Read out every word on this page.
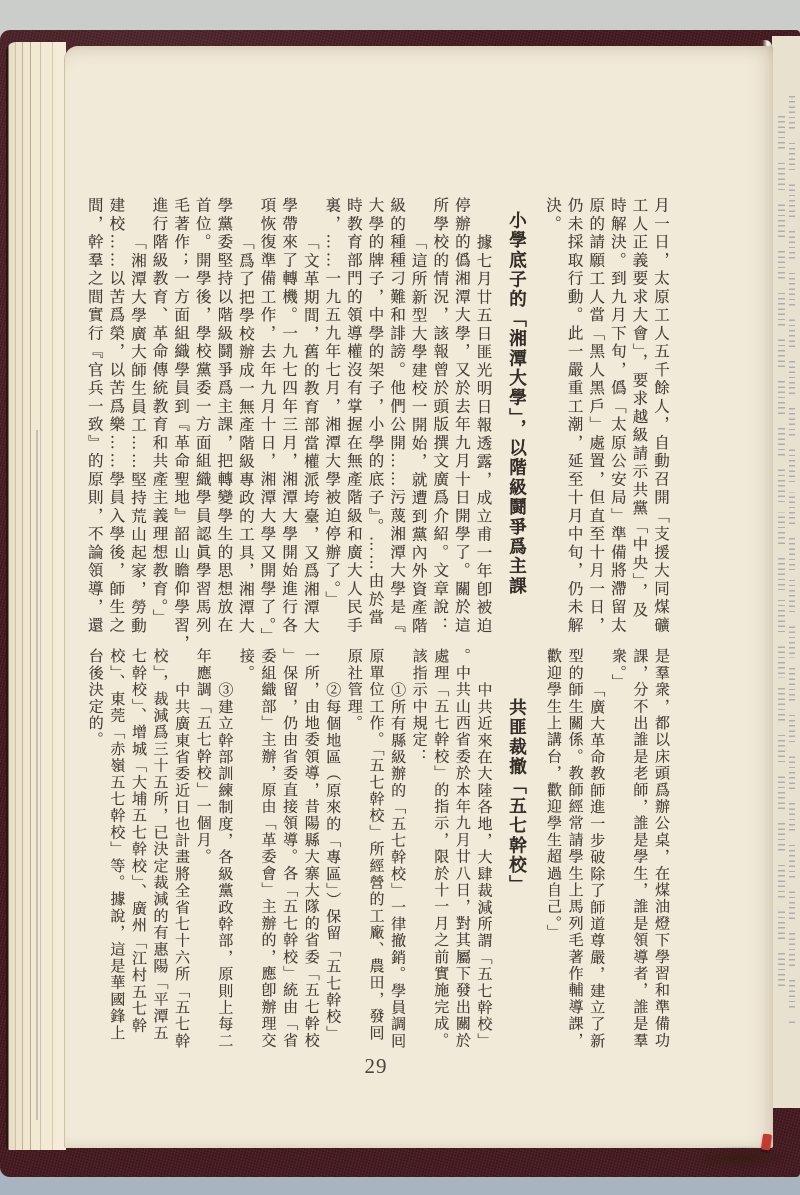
月一日，太原工人五千餘人，自動召開「支援大同煤礦
工人正義要求大會」，要求越級請示共黨「中央」，及
時解決。到九月下旬，僞「太原公安局」準備將滯留太
原的請願工人當「黑人黑戶」處置，但直至十月一日，
仍未採取行動。此一嚴重工潮，延至十月中旬，仍未解
決。
小學底子的「湘潭大學」，以階級鬪爭爲主課
據七月廿五日匪光明日報透露，成立甫一年卽被迫
停辦的僞湘潭大學，又於去年九月十日開學了。關於這
所學校的情況，該報曾於頭版撰文廣爲介紹。文章說：
「這所新型大學建校一開始，就遭到黨內外資產階
級的種種刁難和誹謗。他們公開……污蔑湘潭大學是『
大學的牌子，中學的架子，小學的底子』。……由於當
時教育部門的領導權沒有掌握在無產階級和廣大人民手
裏，……一九五九年七月，湘潭大學被迫停辦了。」
「文革期間，舊的教育部當權派垮臺，又爲湘潭大
學帶來了轉機。一九七四年三月，湘潭大學開始進行各
項恢復準備工作，去年九月十日，湘潭大學又開學了。」
「爲了把學校辦成一無產階級專政的工具，湘潭大
學黨委堅持以階級鬪爭爲主課，把轉變學生的思想放在
首位。開學後，學校黨委一方面組織學員認眞學習馬列
毛著作；一方面組織學員到『革命聖地』韶山瞻仰學習，
進行階級教育、革命傳統教育和共產主義理想教育。」
「湘潭大學廣大師生員工……堅持荒山起家，勞動
建校……以苦爲榮，以苦爲樂……學員入學後，師生之
間，幹羣之間實行『官兵一致』的原則，不論領導，還
是羣衆，都以床頭爲辦公桌，在煤油燈下學習和準備功
課，分不出誰是老師，誰是學生，誰是領導者，誰是羣
衆。」
「廣大革命教師進一步破除了師道尊嚴，建立了新
型的師生關係。教師經常請學生上馬列毛著作輔導課，
歡迎學生上講台，歡迎學生超過自己。」
共匪裁撤「五七幹校」
中共近來在大陸各地，大肆裁減所謂「五七幹校」
。中共山西省委於本年九月廿八日，對其屬下發出關於
處理「五七幹校」的指示，限於十一月之前實施完成。
該指示中規定：
①所有縣級辦的「五七幹校」一律撤銷。學員調囘
原單位工作。「五七幹校」所經營的工廠、農田，發囘
原社管理。
②每個地區（原來的「專區」）保留「五七幹校」
一所，由地委領導，昔陽縣大寨大隊的省委「五七幹校
」保留，仍由省委直接領導。各「五七幹校」統由「省
委組織部」主辦，原由「革委會」主辦的，應卽辦理交
接。
③建立幹部訓練制度，各級黨政幹部，原則上每二
年應調「五七幹校」一個月。
中共廣東省委近日也計畫將全省七十六所「五七幹
校」，裁減爲三十五所，已決定裁減的有惠陽「平潭五
七幹校」、增城「大埔五七幹校」、廣州「江村五七幹
校」、東莞「赤嶺五七幹校」等。據說，這是華國鋒上
台後決定的。
29
